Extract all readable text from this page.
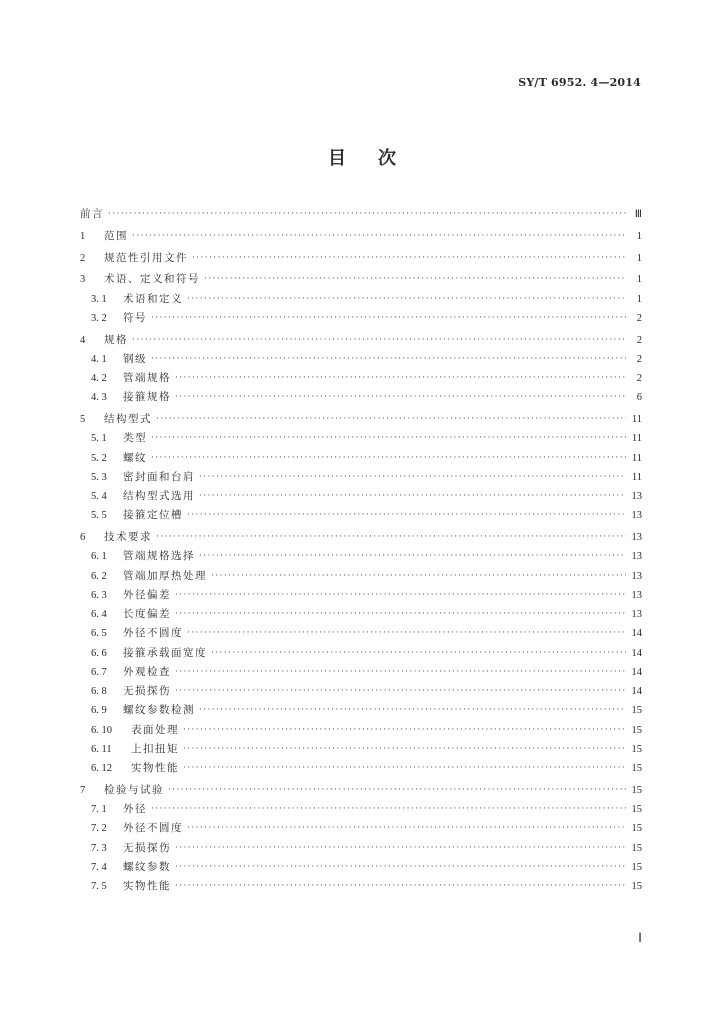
SY/T 6952. 4—2014
目 次
前言 ·····	Ⅲ
1	范围 ·····	1
2	规范性引用文件 ·····	1
3	术语、定义和符号 ·····	1
3. 1	术语和定义 ·····	1
3. 2	符号 ·····	2
4	规格 ·····	2
4. 1	钢级 ·····	2
4. 2	管端规格 ·····	2
4. 3	接箍规格 ·····	6
5	结构型式 ·····	11
5. 1	类型 ·····	11
5. 2	螺纹 ·····	11
5. 3	密封面和台肩 ·····	11
5. 4	结构型式选用 ·····	13
5. 5	接箍定位槽 ·····	13
6	技术要求 ·····	13
6. 1	管端规格选择 ·····	13
6. 2	管端加厚热处理 ·····	13
6. 3	外径偏差 ·····	13
6. 4	长度偏差 ·····	13
6. 5	外径不圆度 ·····	14
6. 6	接箍承载面宽度 ·····	14
6. 7	外观检查 ·····	14
6. 8	无损探伤 ·····	14
6. 9	螺纹参数检测 ·····	15
6. 10	表面处理 ·····	15
6. 11	上扣扭矩 ·····	15
6. 12	实物性能 ·····	15
7	检验与试验 ·····	15
7. 1	外径 ·····	15
7. 2	外径不圆度 ·····	15
7. 3	无损探伤 ·····	15
7. 4	螺纹参数 ·····	15
7. 5	实物性能 ·····	15
Ⅰ
